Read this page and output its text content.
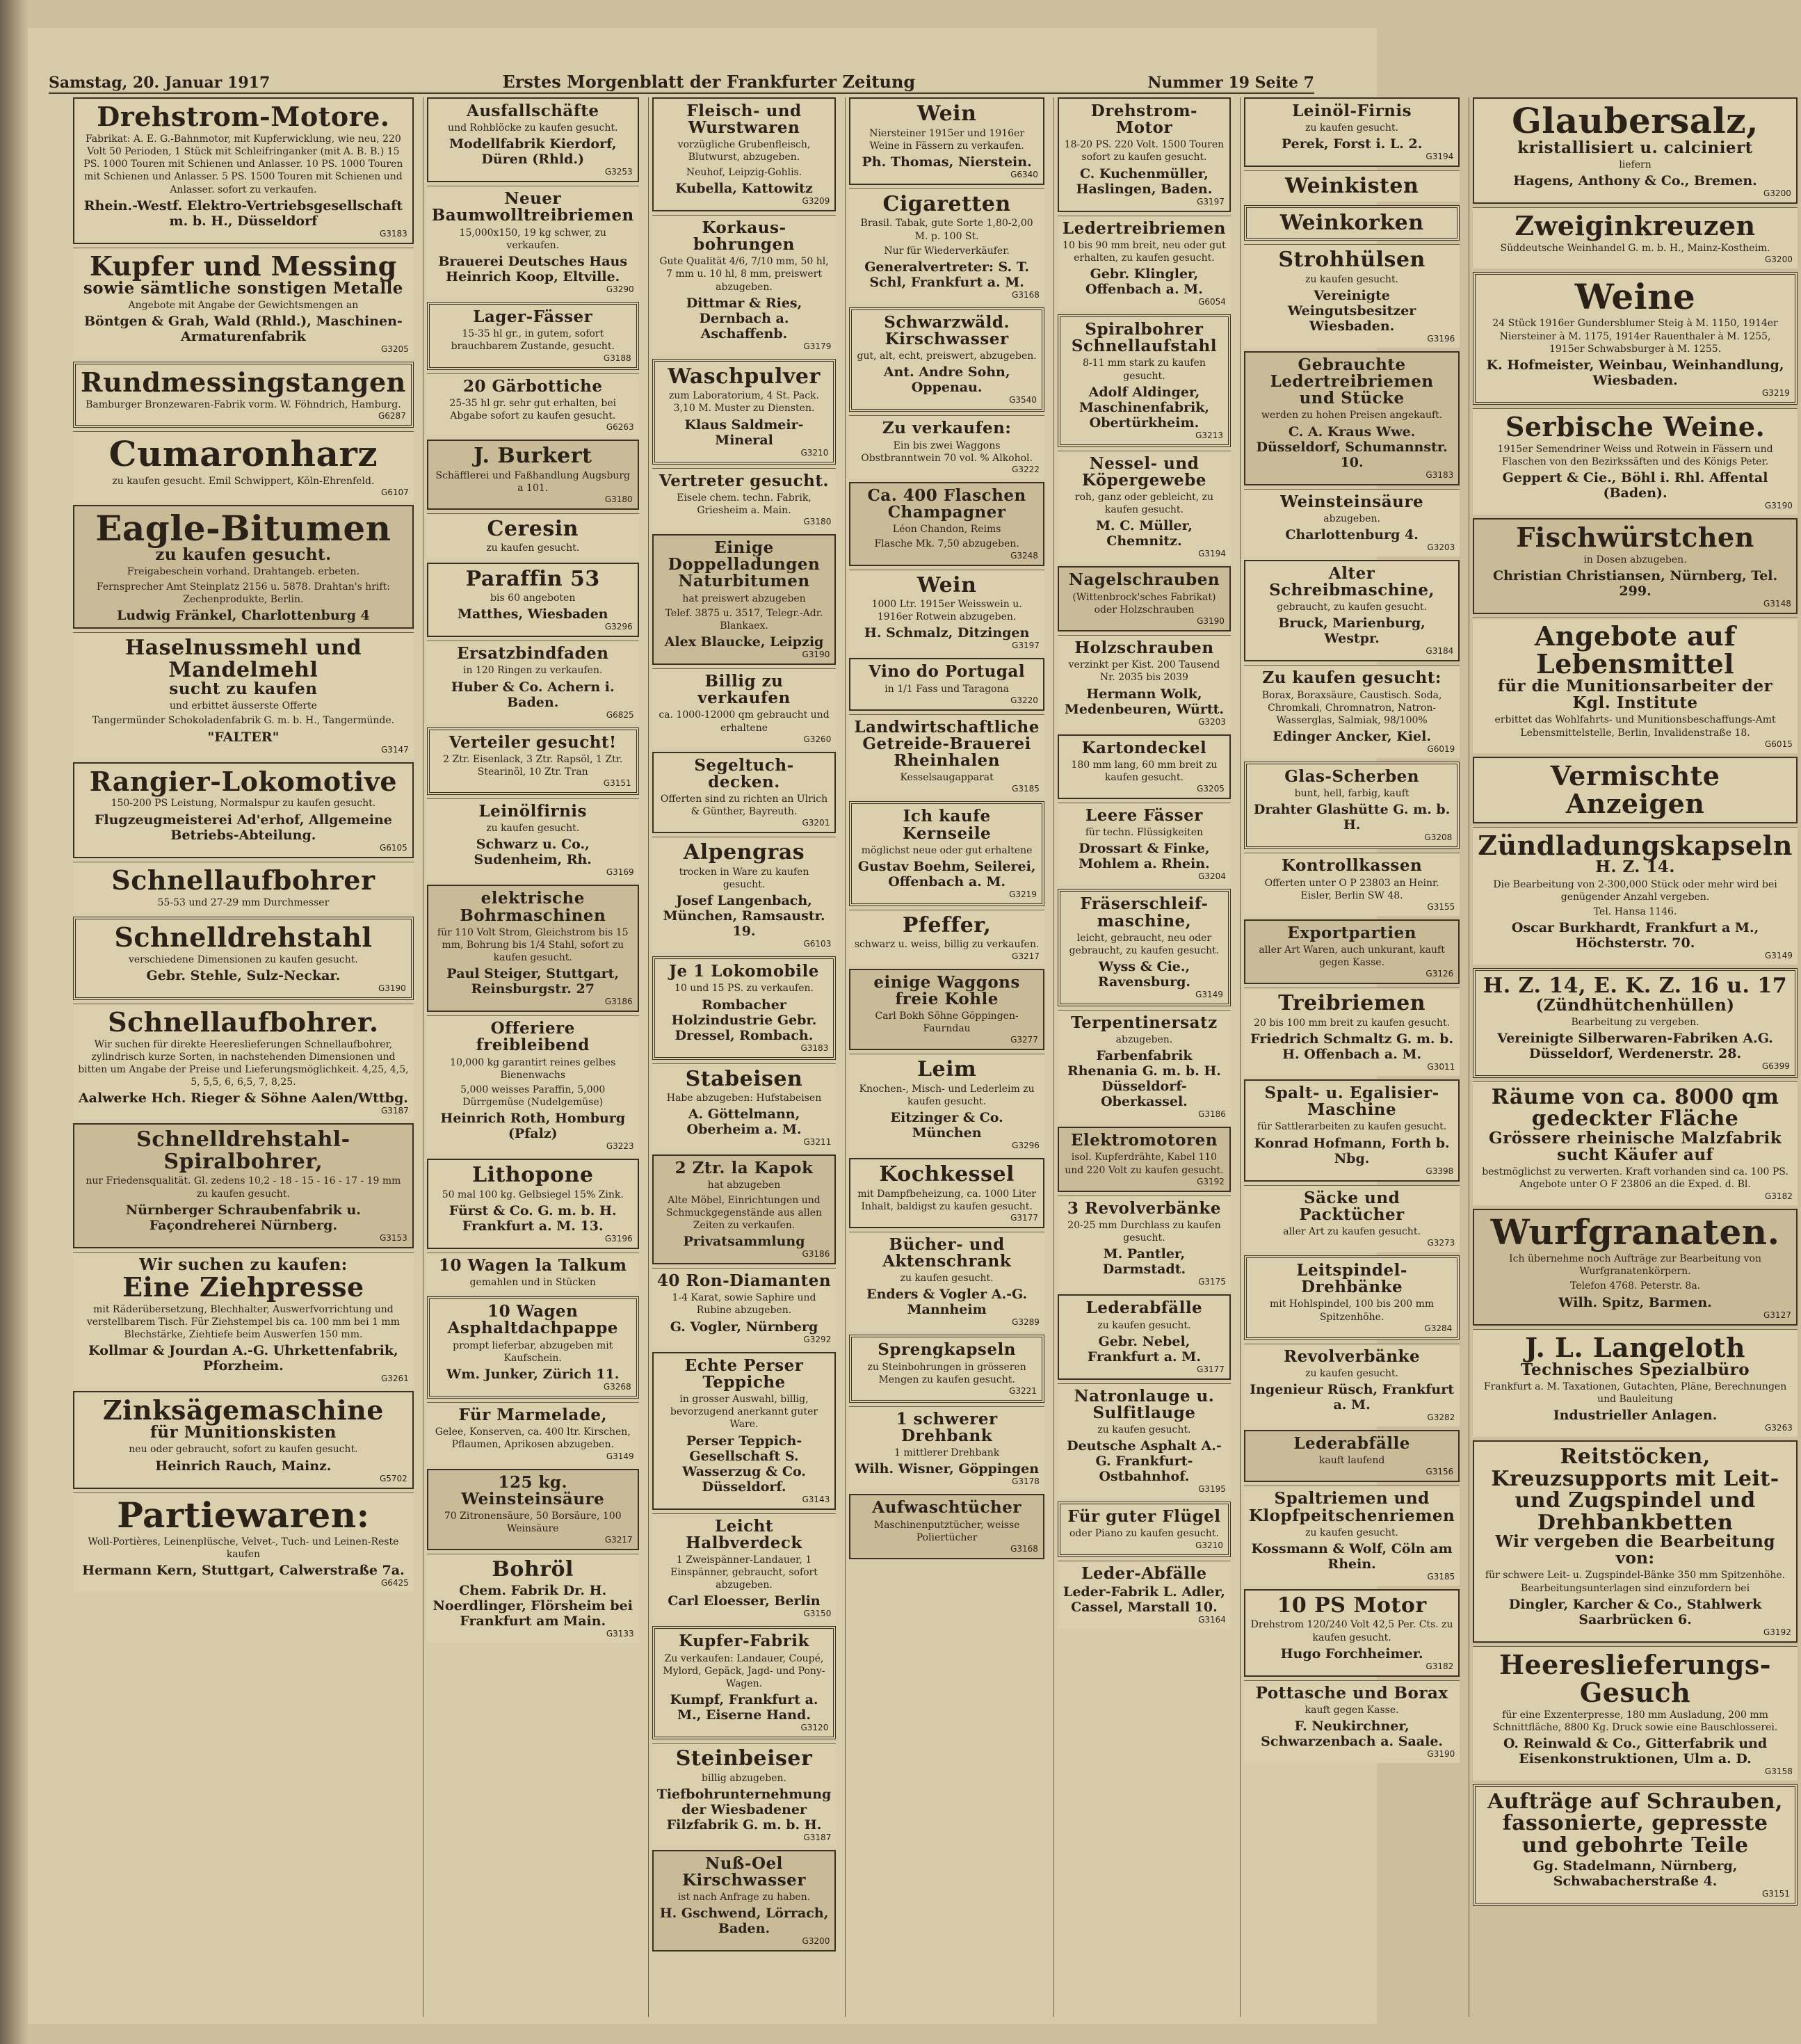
Samstag, 20. Januar 1917	Erstes Morgenblatt der Frankfurter Zeitung	Nummer 19 Seite 7
Drehstrom-Motore.
Fabrikat: A. E. G.-Bahnmotor, mit Kupferwicklung, wie neu, 220 Volt 50 Perioden, 1 Stück mit Schleifringanker (mit A. B. B.) 15 PS. 1000 Touren mit Schienen und Anlasser. 10 PS. 1000 Touren mit Schienen und Anlasser. 5 PS. 1500 Touren mit Schienen und Anlasser. sofort zu verkaufen.
Rhein.-Westf. Elektro-Vertriebsgesellschaft m. b. H., Düsseldorf
G3183
Kupfer und Messing
sowie sämtliche sonstigen Metalle
Angebote mit Angabe der Gewichtsmengen an
Böntgen & Grah, Wald (Rhld.), Maschinen-Armaturenfabrik
G3205
Rundmessingstangen
Bamburger Bronzewaren-Fabrik vorm. W. Föhndrich, Hamburg.
G6287
Cumaronharz
zu kaufen gesucht. Emil Schwippert, Köln-Ehrenfeld.
G6107
Eagle-Bitumen
zu kaufen gesucht.
Freigabeschein vorhand. Drahtangeb. erbeten.
Fernsprecher Amt Steinplatz 2156 u. 5878. Drahtan's hrift: Zechenprodukte, Berlin.
Ludwig Fränkel, Charlottenburg 4
Haselnussmehl und Mandelmehl
sucht zu kaufen
und erbittet äusserste Offerte
Tangermünder Schokoladenfabrik G. m. b. H., Tangermünde.
"FALTER"
G3147
Rangier-Lokomotive
150-200 PS Leistung, Normalspur zu kaufen gesucht.
Flugzeugmeisterei Ad'erhof, Allgemeine Betriebs-Abteilung.
G6105
Schnellaufbohrer
55-53 und 27-29 mm Durchmesser
Schnelldrehstahl
verschiedene Dimensionen zu kaufen gesucht.
Gebr. Stehle, Sulz-Neckar.
G3190
Schnellaufbohrer.
Wir suchen für direkte Heereslieferungen Schnellaufbohrer, zylindrisch kurze Sorten, in nachstehenden Dimensionen und bitten um Angabe der Preise und Lieferungsmöglichkeit. 4,25, 4,5, 5, 5,5, 6, 6,5, 7, 8,25.
Aalwerke Hch. Rieger & Söhne Aalen/Wttbg.
G3187
Schnelldrehstahl-Spiralbohrer,
nur Friedensqualität. Gl. zedens 10,2 - 18 - 15 - 16 - 17 - 19 mm zu kaufen gesucht.
Nürnberger Schraubenfabrik u. Façondreherei Nürnberg.
G3153
Wir suchen zu kaufen:
Eine Ziehpresse
mit Räderübersetzung, Blechhalter, Auswerfvorrichtung und verstellbarem Tisch. Für Ziehstempel bis ca. 100 mm bei 1 mm Blechstärke, Ziehtiefe beim Auswerfen 150 mm.
Kollmar & Jourdan A.-G. Uhrkettenfabrik, Pforzheim.
G3261
Zinksägemaschine
für Munitionskisten
neu oder gebraucht, sofort zu kaufen gesucht.
Heinrich Rauch, Mainz.
G5702
Partiewaren:
Woll-Portières, Leinenplüsche, Velvet-, Tuch- und Leinen-Reste kaufen
Hermann Kern, Stuttgart, Calwerstraße 7a.
G6425
Ausfallschäfte
und Rohblöcke zu kaufen gesucht.
Modellfabrik Kierdorf, Düren (Rhld.)
G3253
Neuer Baumwolltreibriemen
15,000x150, 19 kg schwer, zu verkaufen.
Brauerei Deutsches Haus Heinrich Koop, Eltville.
G3290
Lager-Fässer
15-35 hl gr., in gutem, sofort brauchbarem Zustande, gesucht.
G3188
20 Gärbottiche
25-35 hl gr. sehr gut erhalten, bei Abgabe sofort zu kaufen gesucht.
G6263
J. Burkert
Schäfflerei und Faßhandlung Augsburg a 101.
G3180
Ceresin
zu kaufen gesucht.
Paraffin 53
bis 60 angeboten
Matthes, Wiesbaden
G3296
Ersatzbindfaden
in 120 Ringen zu verkaufen.
Huber & Co. Achern i. Baden.
G6825
Verteiler gesucht!
2 Ztr. Eisenlack, 3 Ztr. Rapsöl, 1 Ztr. Stearinöl, 10 Ztr. Tran
G3151
Leinölfirnis
zu kaufen gesucht.
Schwarz u. Co., Sudenheim, Rh.
G3169
elektrische Bohrmaschinen
für 110 Volt Strom, Gleichstrom bis 15 mm, Bohrung bis 1/4 Stahl, sofort zu kaufen gesucht.
Paul Steiger, Stuttgart, Reinsburgstr. 27
G3186
Offeriere freibleibend
10,000 kg garantirt reines gelbes Bienenwachs
5,000 weisses Paraffin, 5,000 Dürrgemüse (Nudelgemüse)
Heinrich Roth, Homburg (Pfalz)
G3223
Lithopone
50 mal 100 kg. Gelbsiegel 15% Zink.
Fürst & Co. G. m. b. H. Frankfurt a. M. 13.
G3196
10 Wagen la Talkum
gemahlen und in Stücken
10 Wagen Asphaltdachpappe
prompt lieferbar, abzugeben mit Kaufschein.
Wm. Junker, Zürich 11.
G3268
Für Marmelade,
Gelee, Konserven, ca. 400 ltr. Kirschen, Pflaumen, Aprikosen abzugeben.
G3149
125 kg. Weinsteinsäure
70 Zitronensäure, 50 Borsäure, 100 Weinsäure
G3217
Bohröl
Chem. Fabrik Dr. H. Noerdlinger, Flörsheim bei Frankfurt am Main.
G3133
Fleisch- und Wurstwaren
vorzügliche Grubenfleisch, Blutwurst, abzugeben.
Neuhof, Leipzig-Gohlis.
Kubella, Kattowitz
G3209
Korkaus-bohrungen
Gute Qualität 4/6, 7/10 mm, 50 hl, 7 mm u. 10 hl, 8 mm, preiswert abzugeben.
Dittmar & Ries, Dernbach a. Aschaffenb.
G3179
Waschpulver
zum Laboratorium, 4 St. Pack. 3,10 M. Muster zu Diensten.
Klaus Saldmeir-Mineral
G3210
Vertreter gesucht.
Eisele chem. techn. Fabrik, Griesheim a. Main.
G3180
Einige Doppelladungen Naturbitumen
hat preiswert abzugeben
Telef. 3875 u. 3517, Telegr.-Adr. Blankaex.
Alex Blaucke, Leipzig
G3190
Billig zu verkaufen
ca. 1000-12000 qm gebraucht und erhaltene
G3260
Segeltuch-decken.
Offerten sind zu richten an Ulrich & Günther, Bayreuth.
G3201
Alpengras
trocken in Ware zu kaufen gesucht.
Josef Langenbach, München, Ramsaustr. 19.
G6103
Je 1 Lokomobile
10 und 15 PS. zu verkaufen.
Rombacher Holzindustrie Gebr. Dressel, Rombach.
G3183
Stabeisen
Habe abzugeben: Hufstabeisen
A. Göttelmann, Oberheim a. M.
G3211
2 Ztr. la Kapok
hat abzugeben
Alte Möbel, Einrichtungen und Schmuckgegenstände aus allen Zeiten zu verkaufen.
Privatsammlung
G3186
40 Ron-Diamanten
1-4 Karat, sowie Saphire und Rubine abzugeben.
G. Vogler, Nürnberg
G3292
Echte Perser Teppiche
in grosser Auswahl, billig, bevorzugend anerkannt guter Ware.
Perser Teppich-Gesellschaft S. Wasserzug & Co. Düsseldorf.
G3143
Leicht Halbverdeck
1 Zweispänner-Landauer, 1 Einspänner, gebraucht, sofort abzugeben.
Carl Eloesser, Berlin
G3150
Kupfer-Fabrik
Zu verkaufen: Landauer, Coupé, Mylord, Gepäck, Jagd- und Pony-Wagen.
Kumpf, Frankfurt a. M., Eiserne Hand.
G3120
Steinbeiser
billig abzugeben.
Tiefbohrunternehmung der Wiesbadener Filzfabrik G. m. b. H.
G3187
Nuß-Oel Kirschwasser
ist nach Anfrage zu haben.
H. Gschwend, Lörrach, Baden.
G3200
Wein
Niersteiner 1915er und 1916er Weine in Fässern zu verkaufen.
Ph. Thomas, Nierstein.
G6340
Cigaretten
Brasil. Tabak, gute Sorte 1,80-2,00 M. p. 100 St.
Nur für Wiederverkäufer.
Generalvertreter: S. T. Schl, Frankfurt a. M.
G3168
Schwarzwäld. Kirschwasser
gut, alt, echt, preiswert, abzugeben.
Ant. Andre Sohn, Oppenau.
G3540
Zu verkaufen:
Ein bis zwei Waggons Obstbranntwein 70 vol. % Alkohol.
G3222
Ca. 400 Flaschen Champagner
Léon Chandon, Reims
Flasche Mk. 7,50 abzugeben.
G3248
Wein
1000 Ltr. 1915er Weisswein u. 1916er Rotwein abzugeben.
H. Schmalz, Ditzingen
G3197
Vino do Portugal
in 1/1 Fass und Taragona
G3220
Landwirtschaftliche Getreide-Brauerei Rheinhalen
Kesselsaugapparat
G3185
Ich kaufe Kernseile
möglichst neue oder gut erhaltene
Gustav Boehm, Seilerei, Offenbach a. M.
G3219
Pfeffer,
schwarz u. weiss, billig zu verkaufen.
G3217
einige Waggons freie Kohle
Carl Bokh Söhne Göppingen-Faurndau
G3277
Leim
Knochen-, Misch- und Lederleim zu kaufen gesucht.
Eitzinger & Co. München
G3296
Kochkessel
mit Dampfbeheizung, ca. 1000 Liter Inhalt, baldigst zu kaufen gesucht.
G3177
Bücher- und Aktenschrank
zu kaufen gesucht.
Enders & Vogler A.-G. Mannheim
G3289
Sprengkapseln
zu Steinbohrungen in grösseren Mengen zu kaufen gesucht.
G3221
1 schwerer Drehbank
1 mittlerer Drehbank
Wilh. Wisner, Göppingen
G3178
Aufwaschtücher
Maschinenputztücher, weisse Poliertücher
G3168
Drehstrom-Motor
18-20 PS. 220 Volt. 1500 Touren sofort zu kaufen gesucht.
C. Kuchenmüller, Haslingen, Baden.
G3197
Ledertreibriemen
10 bis 90 mm breit, neu oder gut erhalten, zu kaufen gesucht.
Gebr. Klingler, Offenbach a. M.
G6054
Spiralbohrer Schnellaufstahl
8-11 mm stark zu kaufen gesucht.
Adolf Aldinger, Maschinenfabrik, Obertürkheim.
G3213
Nessel- und Köpergewebe
roh, ganz oder gebleicht, zu kaufen gesucht.
M. C. Müller, Chemnitz.
G3194
Nagelschrauben
(Wittenbrock'sches Fabrikat) oder Holzschrauben
G3190
Holzschrauben
verzinkt per Kist. 200 Tausend Nr. 2035 bis 2039
Hermann Wolk, Medenbeuren, Württ.
G3203
Kartondeckel
180 mm lang, 60 mm breit zu kaufen gesucht.
G3205
Leere Fässer
für techn. Flüssigkeiten
Drossart & Finke, Mohlem a. Rhein.
G3204
Fräserschleif-maschine,
leicht, gebraucht, neu oder gebraucht, zu kaufen gesucht.
Wyss & Cie., Ravensburg.
G3149
Terpentinersatz
abzugeben.
Farbenfabrik Rhenania G. m. b. H. Düsseldorf-Oberkassel.
G3186
Elektromotoren
isol. Kupferdrähte, Kabel 110 und 220 Volt zu kaufen gesucht.
G3192
3 Revolverbänke
20-25 mm Durchlass zu kaufen gesucht.
M. Pantler, Darmstadt.
G3175
Lederabfälle
zu kaufen gesucht.
Gebr. Nebel, Frankfurt a. M.
G3177
Natronlauge u. Sulfitlauge
zu kaufen gesucht.
Deutsche Asphalt A.-G. Frankfurt-Ostbahnhof.
G3195
Für guter Flügel
oder Piano zu kaufen gesucht.
G3210
Leder-Abfälle
Leder-Fabrik L. Adler, Cassel, Marstall 10.
G3164
Leinöl-Firnis
zu kaufen gesucht.
Perek, Forst i. L. 2.
G3194
Weinkisten
Weinkorken
Strohhülsen
zu kaufen gesucht.
Vereinigte Weingutsbesitzer Wiesbaden.
G3196
Gebrauchte Ledertreibriemen und Stücke
werden zu hohen Preisen angekauft.
C. A. Kraus Wwe. Düsseldorf, Schumannstr. 10.
G3183
Weinsteinsäure
abzugeben.
Charlottenburg 4.
G3203
Alter Schreibmaschine,
gebraucht, zu kaufen gesucht.
Bruck, Marienburg, Westpr.
G3184
Zu kaufen gesucht:
Borax, Boraxsäure, Caustisch. Soda, Chromkali, Chromnatron, Natron-Wasserglas, Salmiak, 98/100%
Edinger Ancker, Kiel.
G6019
Glas-Scherben
bunt, hell, farbig, kauft
Drahter Glashütte G. m. b. H.
G3208
Kontrollkassen
Offerten unter O P 23803 an Heinr. Eisler, Berlin SW 48.
G3155
Exportpartien
aller Art Waren, auch unkurant, kauft gegen Kasse.
G3126
Treibriemen
20 bis 100 mm breit zu kaufen gesucht.
Friedrich Schmaltz G. m. b. H. Offenbach a. M.
G3011
Spalt- u. Egalisier-Maschine
für Sattlerarbeiten zu kaufen gesucht.
Konrad Hofmann, Forth b. Nbg.
G3398
Säcke und Packtücher
aller Art zu kaufen gesucht.
G3273
Leitspindel-Drehbänke
mit Hohlspindel, 100 bis 200 mm Spitzenhöhe.
G3284
Revolverbänke
zu kaufen gesucht.
Ingenieur Rüsch, Frankfurt a. M.
G3282
Lederabfälle
kauft laufend
G3156
Spaltriemen und Klopfpeitschenriemen
zu kaufen gesucht.
Kossmann & Wolf, Cöln am Rhein.
G3185
10 PS Motor
Drehstrom 120/240 Volt 42,5 Per. Cts. zu kaufen gesucht.
Hugo Forchheimer.
G3182
Pottasche und Borax
kauft gegen Kasse.
F. Neukirchner, Schwarzenbach a. Saale.
G3190
Glaubersalz,
kristallisiert u. calciniert
liefern
Hagens, Anthony & Co., Bremen.
G3200
Zweiginkreuzen
Süddeutsche Weinhandel G. m. b. H., Mainz-Kostheim.
G3200
Weine
24 Stück 1916er Gundersblumer Steig à M. 1150, 1914er Niersteiner à M. 1175, 1914er Rauenthaler à M. 1255, 1915er Schwabsburger à M. 1255.
K. Hofmeister, Weinbau, Weinhandlung, Wiesbaden.
G3219
Serbische Weine.
1915er Semendriner Weiss und Rotwein in Fässern und Flaschen von den Bezirkssäften und des Königs Peter.
Geppert & Cie., Böhl i. Rhl. Affental (Baden).
G3190
Fischwürstchen
in Dosen abzugeben.
Christian Christiansen, Nürnberg, Tel. 299.
G3148
Angebote auf Lebensmittel
für die Munitionsarbeiter der Kgl. Institute
erbittet das Wohlfahrts- und Munitionsbeschaffungs-Amt Lebensmittelstelle, Berlin, Invalidenstraße 18.
G6015
Vermischte Anzeigen
Zündladungskapseln
H. Z. 14.
Die Bearbeitung von 2-300,000 Stück oder mehr wird bei genügender Anzahl vergeben.
Tel. Hansa 1146.
Oscar Burkhardt, Frankfurt a M., Höchsterstr. 70.
G3149
H. Z. 14, E. K. Z. 16 u. 17
(Zündhütchenhüllen)
Bearbeitung zu vergeben.
Vereinigte Silberwaren-Fabriken A.G. Düsseldorf, Werdenerstr. 28.
G6399
Räume von ca. 8000 qm gedeckter Fläche
Grössere rheinische Malzfabrik sucht Käufer auf
bestmöglichst zu verwerten. Kraft vorhanden sind ca. 100 PS. Angebote unter O F 23806 an die Exped. d. Bl.
G3182
Wurfgranaten.
Ich übernehme noch Aufträge zur Bearbeitung von Wurfgranatenkörpern.
Telefon 4768. Peterstr. 8a.
Wilh. Spitz, Barmen.
G3127
J. L. Langeloth
Technisches Spezialbüro
Frankfurt a. M. Taxationen, Gutachten, Pläne, Berechnungen und Bauleitung
Industrieller Anlagen.
G3263
Reitstöcken, Kreuzsupports mit Leit- und Zugspindel und Drehbankbetten
Wir vergeben die Bearbeitung von:
für schwere Leit- u. Zugspindel-Bänke 350 mm Spitzenhöhe. Bearbeitungsunterlagen sind einzufordern bei
Dingler, Karcher & Co., Stahlwerk Saarbrücken 6.
G3192
Heereslieferungs-Gesuch
für eine Exzenterpresse, 180 mm Ausladung, 200 mm Schnittfläche, 8800 Kg. Druck sowie eine Bauschlosserei.
O. Reinwald & Co., Gitterfabrik und Eisenkonstruktionen, Ulm a. D.
G3158
Aufträge auf Schrauben, fassonierte, gepresste und gebohrte Teile
Gg. Stadelmann, Nürnberg, Schwabacherstraße 4.
G3151
